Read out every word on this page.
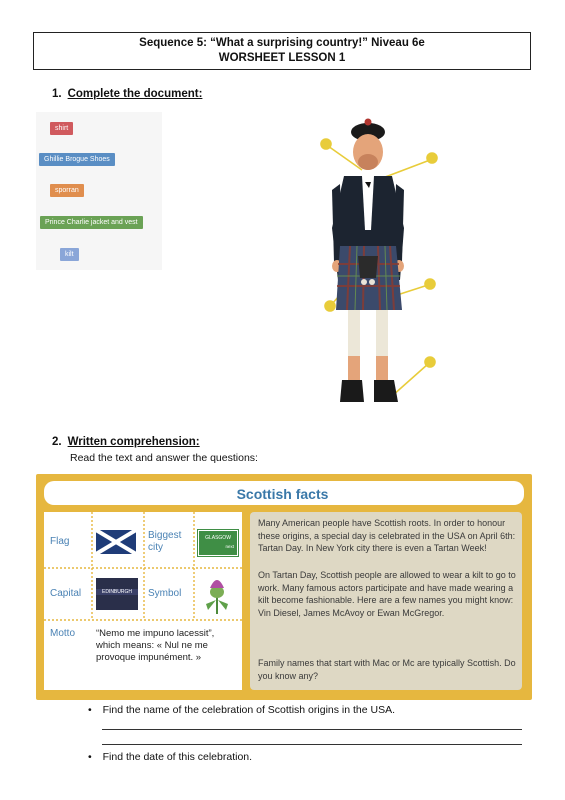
Sequence 5: “What a surprising country!” Niveau 6e
WORSHEET LESSON 1
1. Complete the document:
shirt
Ghillie Brogue Shoes
sporran
Prince Charlie jacket and vest
kilt
2. Written comprehension:
Read the text and answer the questions:
Scottish facts
Flag
Capital
Motto
Biggest
city
Symbol
GLASGOW
next
EDINBURGH
“Nemo me impuno lacessit”,
which means: « Nul ne me
provoque impunément. »
Many American people have Scottish roots. In order to honour these origins, a special day is celebrated in the USA on April 6th: Tartan Day. In New York city there is even a Tartan Week!
On Tartan Day, Scottish people are allowed to wear a kilt to go to work. Many famous actors participate and have made wearing a kilt become fashionable. Here are a few names you might know: Vin Diesel, James McAvoy or Ewan McGregor.
Family names that start with Mac or Mc are typically Scottish. Do you know any?
• Find the name of the celebration of Scottish origins in the USA.
• Find the date of this celebration.
